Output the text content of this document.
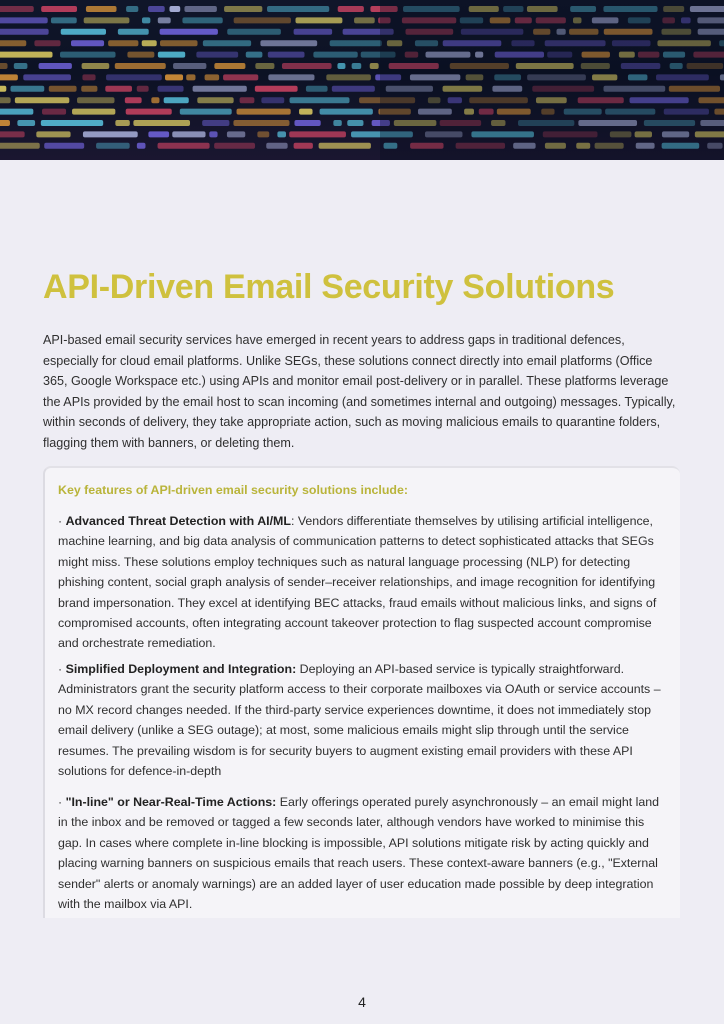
API-Driven Email Security Solutions

API-based email security services have emerged in recent years to address gaps in traditional defences, especially for cloud email platforms. Unlike SEGs, these solutions connect directly into email platforms (Office 365, Google Workspace etc.) using APIs and monitor email post-delivery or in parallel. These platforms leverage the APIs provided by the email host to scan incoming (and sometimes internal and outgoing) messages. Typically, within seconds of delivery, they take appropriate action, such as moving malicious emails to quarantine folders, flagging them with banners, or deleting them.

Key features of API-driven email security solutions include:

· Advanced Threat Detection with AI/ML: Vendors differentiate themselves by utilising artificial intelligence, machine learning, and big data analysis of communication patterns to detect sophisticated attacks that SEGs might miss. These solutions employ techniques such as natural language processing (NLP) for detecting phishing content, social graph analysis of sender–receiver relationships, and image recognition for identifying brand impersonation. They excel at identifying BEC attacks, fraud emails without malicious links, and signs of compromised accounts, often integrating account takeover protection to flag suspected account compromise and orchestrate remediation.

· Simplified Deployment and Integration: Deploying an API-based service is typically straightforward. Administrators grant the security platform access to their corporate mailboxes via OAuth or service accounts – no MX record changes needed. If the third-party service experiences downtime, it does not immediately stop email delivery (unlike a SEG outage); at most, some malicious emails might slip through until the service resumes. The prevailing wisdom is for security buyers to augment existing email providers with these API solutions for defence-in-depth

· "In-line" or Near-Real-Time Actions: Early offerings operated purely asynchronously – an email might land in the inbox and be removed or tagged a few seconds later, although vendors have worked to minimise this gap. In cases where complete in-line blocking is impossible, API solutions mitigate risk by acting quickly and placing warning banners on suspicious emails that reach users. These context-aware banners (e.g., "External sender" alerts or anomaly warnings) are an added layer of user education made possible by deep integration with the mailbox via API.

4
